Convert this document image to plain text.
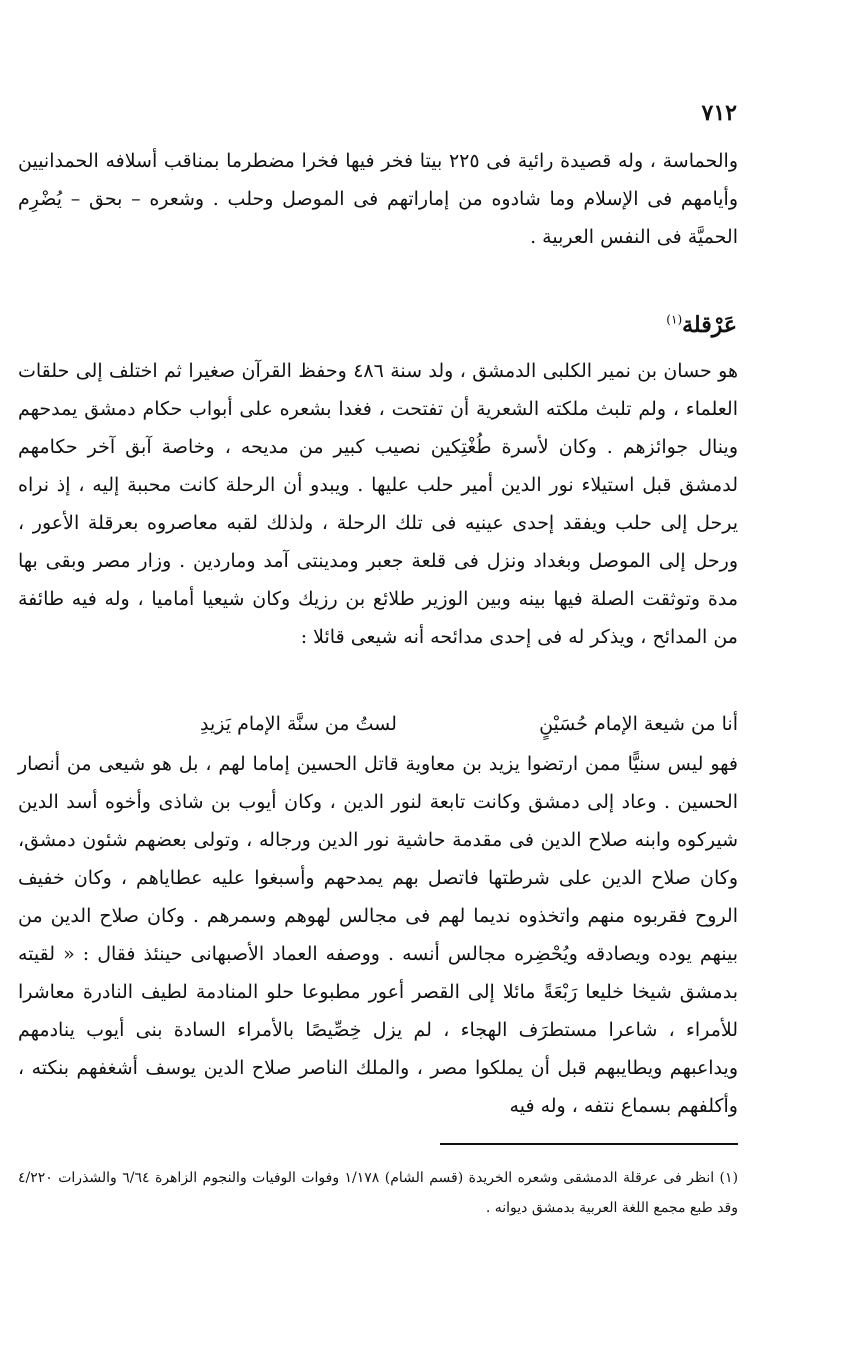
٧١٢

والحماسة ، وله قصيدة رائية فى ٢٢٥ بيتا فخر فيها فخرا مضطرما بمناقب أسلافه الحمدانيين وأيامهم فى الإسلام وما شادوه من إماراتهم فى الموصل وحلب . وشعره – بحق – يُضْرِم الحميَّة فى النفس العربية .

عَرْقلة$^{(١)}$

هو حسان بن نمير الكلبى الدمشق ، ولد سنة ٤٨٦ وحفظ القرآن صغيرا ثم اختلف إلى حلقات العلماء ، ولم تلبث ملكته الشعرية أن تفتحت ، فغدا بشعره على أبواب حكام دمشق يمدحهم وينال جوائزهم . وكان لأسرة طُغْتِكين نصيب كبير من مديحه ، وخاصة آبق آخر حكامهم لدمشق قبل استيلاء نور الدين أمير حلب عليها . ويبدو أن الرحلة كانت محببة إليه ، إذ نراه يرحل إلى حلب ويفقد إحدى عينيه فى تلك الرحلة ، ولذلك لقبه معاصروه بعرقلة الأعور ، ورحل إلى الموصل وبغداد ونزل فى قلعة جعبر ومدينتى آمد وماردين . وزار مصر وبقى بها مدة وتوثقت الصلة فيها بينه وبين الوزير طلائع بن رزيك وكان شيعيا أماميا ، وله فيه طائفة من المدائح ، ويذكر له فى إحدى مدائحه أنه شيعى قائلا :

أنا من شيعة الإمام حُسَيْنٍ
لستُ من سنَّة الإمام يَزيدِ

فهو ليس سنيًّا ممن ارتضوا يزيد بن معاوية قاتل الحسين إماما لهم ، بل هو شيعى من أنصار الحسين . وعاد إلى دمشق وكانت تابعة لنور الدين ، وكان أيوب بن شاذى وأخوه أسد الدين شيركوه وابنه صلاح الدين فى مقدمة حاشية نور الدين ورجاله ، وتولى بعضهم شئون دمشق، وكان صلاح الدين على شرطتها فاتصل بهم يمدحهم وأسبغوا عليه عطاياهم ، وكان خفيف الروح فقربوه منهم واتخذوه نديما لهم فى مجالس لهوهم وسمرهم . وكان صلاح الدين من بينهم يوده ويصادقه ويُحْضِره مجالس أنسه . ووصفه العماد الأصبهانى حينئذ فقال : « لقيته بدمشق شيخا خليعا رَبْعَةً مائلا إلى القصر أعور مطبوعا حلو المنادمة لطيف النادرة معاشرا للأمراء ، شاعرا مستطرَف الهجاء ، لم يزل خِصِّيصًا بالأمراء السادة بنى أيوب ينادمهم ويداعبهم ويطايبهم قبل أن يملكوا مصر ، والملك الناصر صلاح الدين يوسف أشغفهم بنكته ، وأكلفهم بسماع نتفه ، وله فيه

(١) انظر فى عرقلة الدمشقى وشعره الخريدة (قسم الشام) ١/١٧٨ وفوات الوفيات والنجوم الزاهرة ٦/٦٤ والشذرات ٤/٢٢٠ وقد طبع مجمع اللغة العربية بدمشق ديوانه .
